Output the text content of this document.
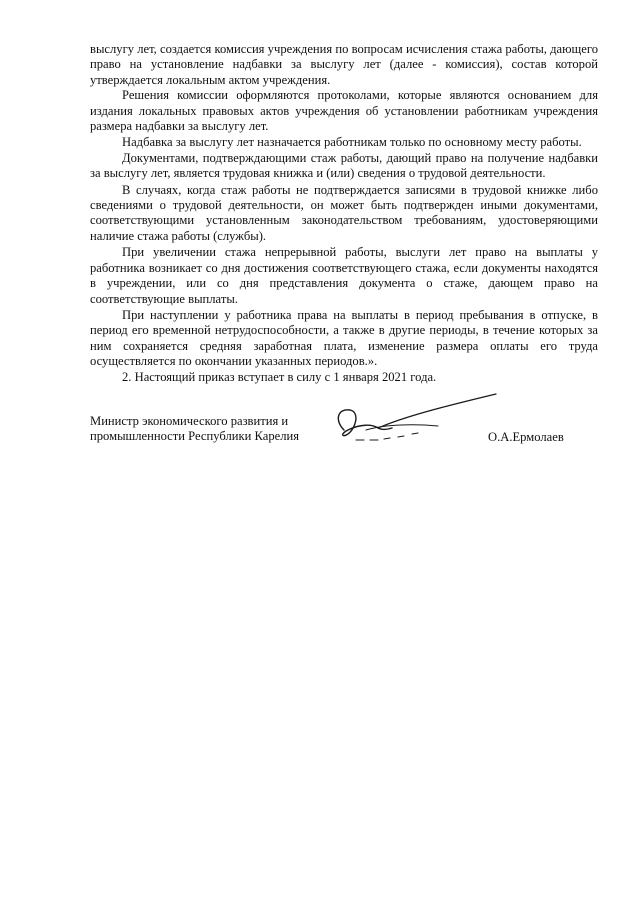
выслугу лет, создается комиссия учреждения по вопросам исчисления стажа работы, дающего право на установление надбавки за выслугу лет (далее - комиссия), состав которой утверждается локальным актом учреждения.

Решения комиссии оформляются протоколами, которые являются основанием для издания локальных правовых актов учреждения об установлении работникам учреждения размера надбавки за выслугу лет.

Надбавка за выслугу лет назначается работникам только по основному месту работы.

Документами, подтверждающими стаж работы, дающий право на получение надбавки за выслугу лет, является трудовая книжка и (или) сведения о трудовой деятельности.

В случаях, когда стаж работы не подтверждается записями в трудовой книжке либо сведениями о трудовой деятельности, он может быть подтвержден иными документами, соответствующими установленным законодательством требованиям, удостоверяющими наличие стажа работы (службы).

При увеличении стажа непрерывной работы, выслуги лет право на выплаты у работника возникает со дня достижения соответствующего стажа, если документы находятся в учреждении, или со дня представления документа о стаже, дающем право на соответствующие выплаты.

При наступлении у работника права на выплаты в период пребывания в отпуске, в период его временной нетрудоспособности, а также в другие периоды, в течение которых за ним сохраняется средняя заработная плата, изменение размера оплаты его труда осуществляется по окончании указанных периодов.».

2. Настоящий приказ вступает в силу с 1 января 2021 года.

Министр экономического развития и
промышленности Республики Карелия	О.А.Ермолаев
